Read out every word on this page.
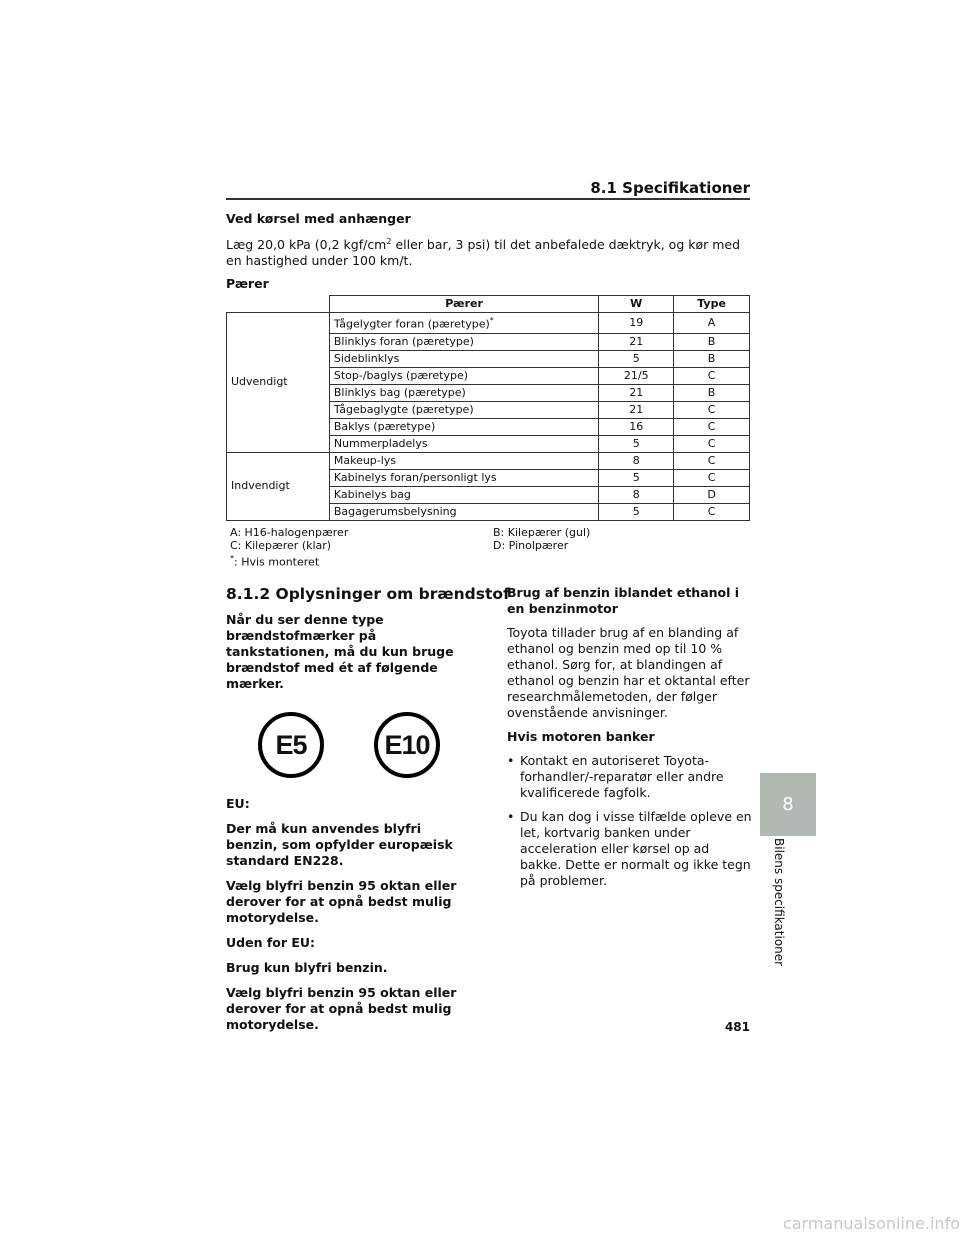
8.1 Specifikationer
Ved kørsel med anhænger
Læg 20,0 kPa (0,2 kgf/$cm^2$ eller bar, 3 psi) til det anbefalede dæktryk, og kør med en hastighed under 100 km/t.
Pærer
	Pærer	W	Type
Udvendigt	Tågelygter foran (pæretype)*	19	A
	Blinklys foran (pæretype)	21	B
	Sideblinklys	5	B
	Stop-/baglys (pæretype)	21/5	C
	Blinklys bag (pæretype)	21	B
	Tågebaglygte (pæretype)	21	C
	Baklys (pæretype)	16	C
	Nummerpladelys	5	C
Indvendigt	Makeup-lys	8	C
	Kabinelys foran/personligt lys	5	C
	Kabinelys bag	8	D
	Bagagerumsbelysning	5	C
A: H16-halogenpærer	B: Kilepærer (gul)
C: Kilepærer (klar)	D: Pinolpærer
*: Hvis monteret
8.1.2 Oplysninger om brændstof

Når du ser denne type brændstofmærker på tankstationen, må du kun bruge brændstof med ét af følgende mærker.

E5	E10

EU:

Der må kun anvendes blyfri benzin, som opfylder europæisk standard EN228.

Vælg blyfri benzin 95 oktan eller derover for at opnå bedst mulig motorydelse.

Uden for EU:

Brug kun blyfri benzin.

Vælg blyfri benzin 95 oktan eller derover for at opnå bedst mulig motorydelse.

Brug af benzin iblandet ethanol i en benzinmotor

Toyota tillader brug af en blanding af ethanol og benzin med op til 10 % ethanol. Sørg for, at blandingen af ethanol og benzin har et oktantal efter researchmålemetoden, der følger ovenstående anvisninger.

Hvis motoren banker

• Kontakt en autoriseret Toyota-forhandler/-reparatør eller andre kvalificerede fagfolk.
• Du kan dog i visse tilfælde opleve en let, kortvarig banken under acceleration eller kørsel op ad bakke. Dette er normalt og ikke tegn på problemer.
8
Bilens specifikationer
481
carmanualsonline.info
